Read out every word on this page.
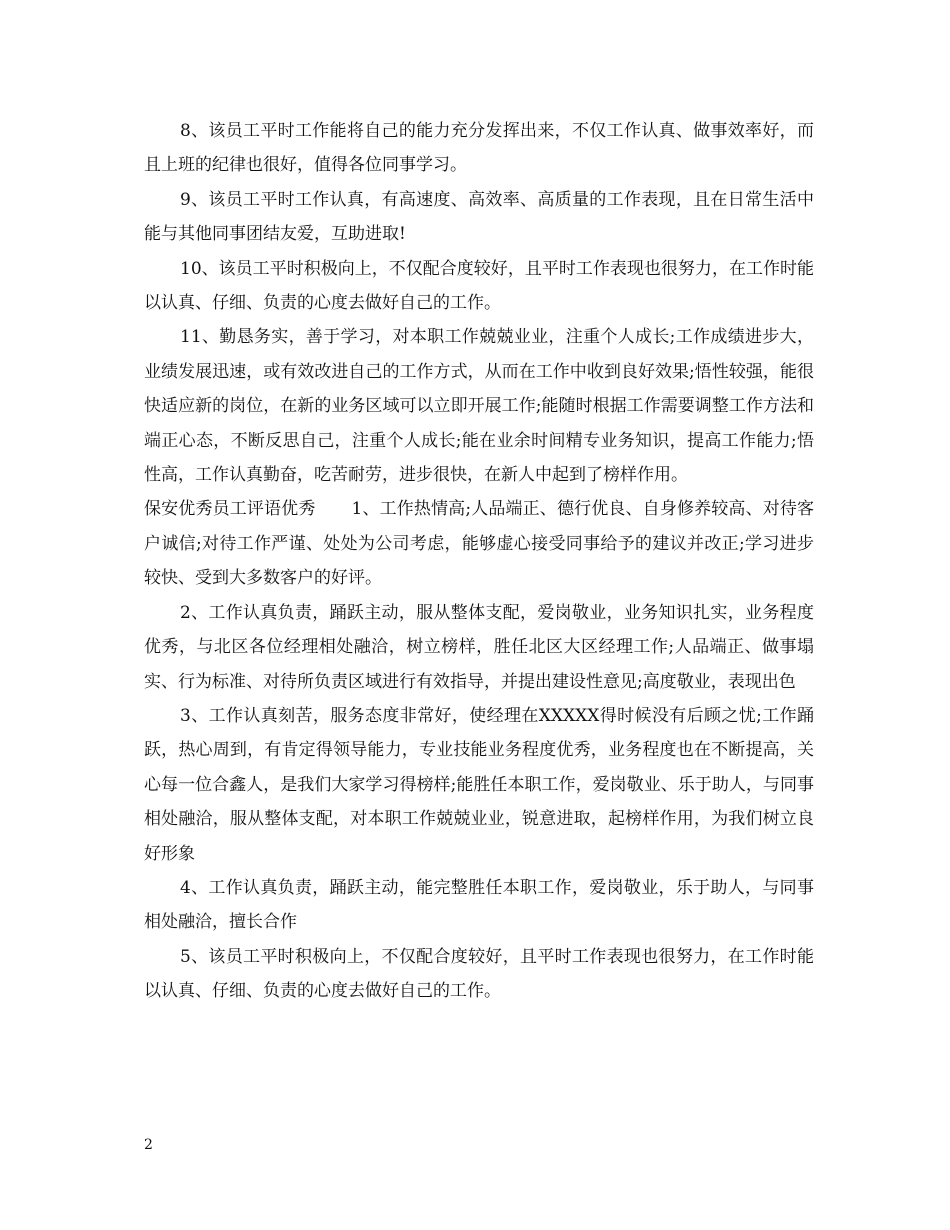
8、该员工平时工作能将自己的能力充分发挥出来，不仅工作认真、做事效率好，而且上班的纪律也很好，值得各位同事学习。

9、该员工平时工作认真，有高速度、高效率、高质量的工作表现，且在日常生活中能与其他同事团结友爱，互助进取!

10、该员工平时积极向上，不仅配合度较好，且平时工作表现也很努力，在工作时能以认真、仔细、负责的心度去做好自己的工作。

11、勤恳务实，善于学习，对本职工作兢兢业业，注重个人成长;工作成绩进步大，业绩发展迅速，或有效改进自己的工作方式，从而在工作中收到良好效果;悟性较强，能很快适应新的岗位，在新的业务区域可以立即开展工作;能随时根据工作需要调整工作方法和端正心态，不断反思自己，注重个人成长;能在业余时间精专业务知识，提高工作能力;悟性高，工作认真勤奋，吃苦耐劳，进步很快，在新人中起到了榜样作用。

保安优秀员工评语优秀 1、工作热情高;人品端正、德行优良、自身修养较高、对待客户诚信;对待工作严谨、处处为公司考虑，能够虚心接受同事给予的建议并改正;学习进步较快、受到大多数客户的好评。

2、工作认真负责，踊跃主动，服从整体支配，爱岗敬业，业务知识扎实，业务程度优秀，与北区各位经理相处融洽，树立榜样，胜任北区大区经理工作;人品端正、做事塌实、行为标准、对待所负责区域进行有效指导，并提出建设性意见;高度敬业，表现出色

3、工作认真刻苦，服务态度非常好，使经理在XXXXX得时候没有后顾之忧;工作踊跃，热心周到，有肯定得领导能力，专业技能业务程度优秀，业务程度也在不断提高，关心每一位合鑫人，是我们大家学习得榜样;能胜任本职工作，爱岗敬业、乐于助人，与同事相处融洽，服从整体支配，对本职工作兢兢业业，锐意进取，起榜样作用，为我们树立良好形象

4、工作认真负责，踊跃主动，能完整胜任本职工作，爱岗敬业，乐于助人，与同事相处融洽，擅长合作

5、该员工平时积极向上，不仅配合度较好，且平时工作表现也很努力，在工作时能以认真、仔细、负责的心度去做好自己的工作。

2
